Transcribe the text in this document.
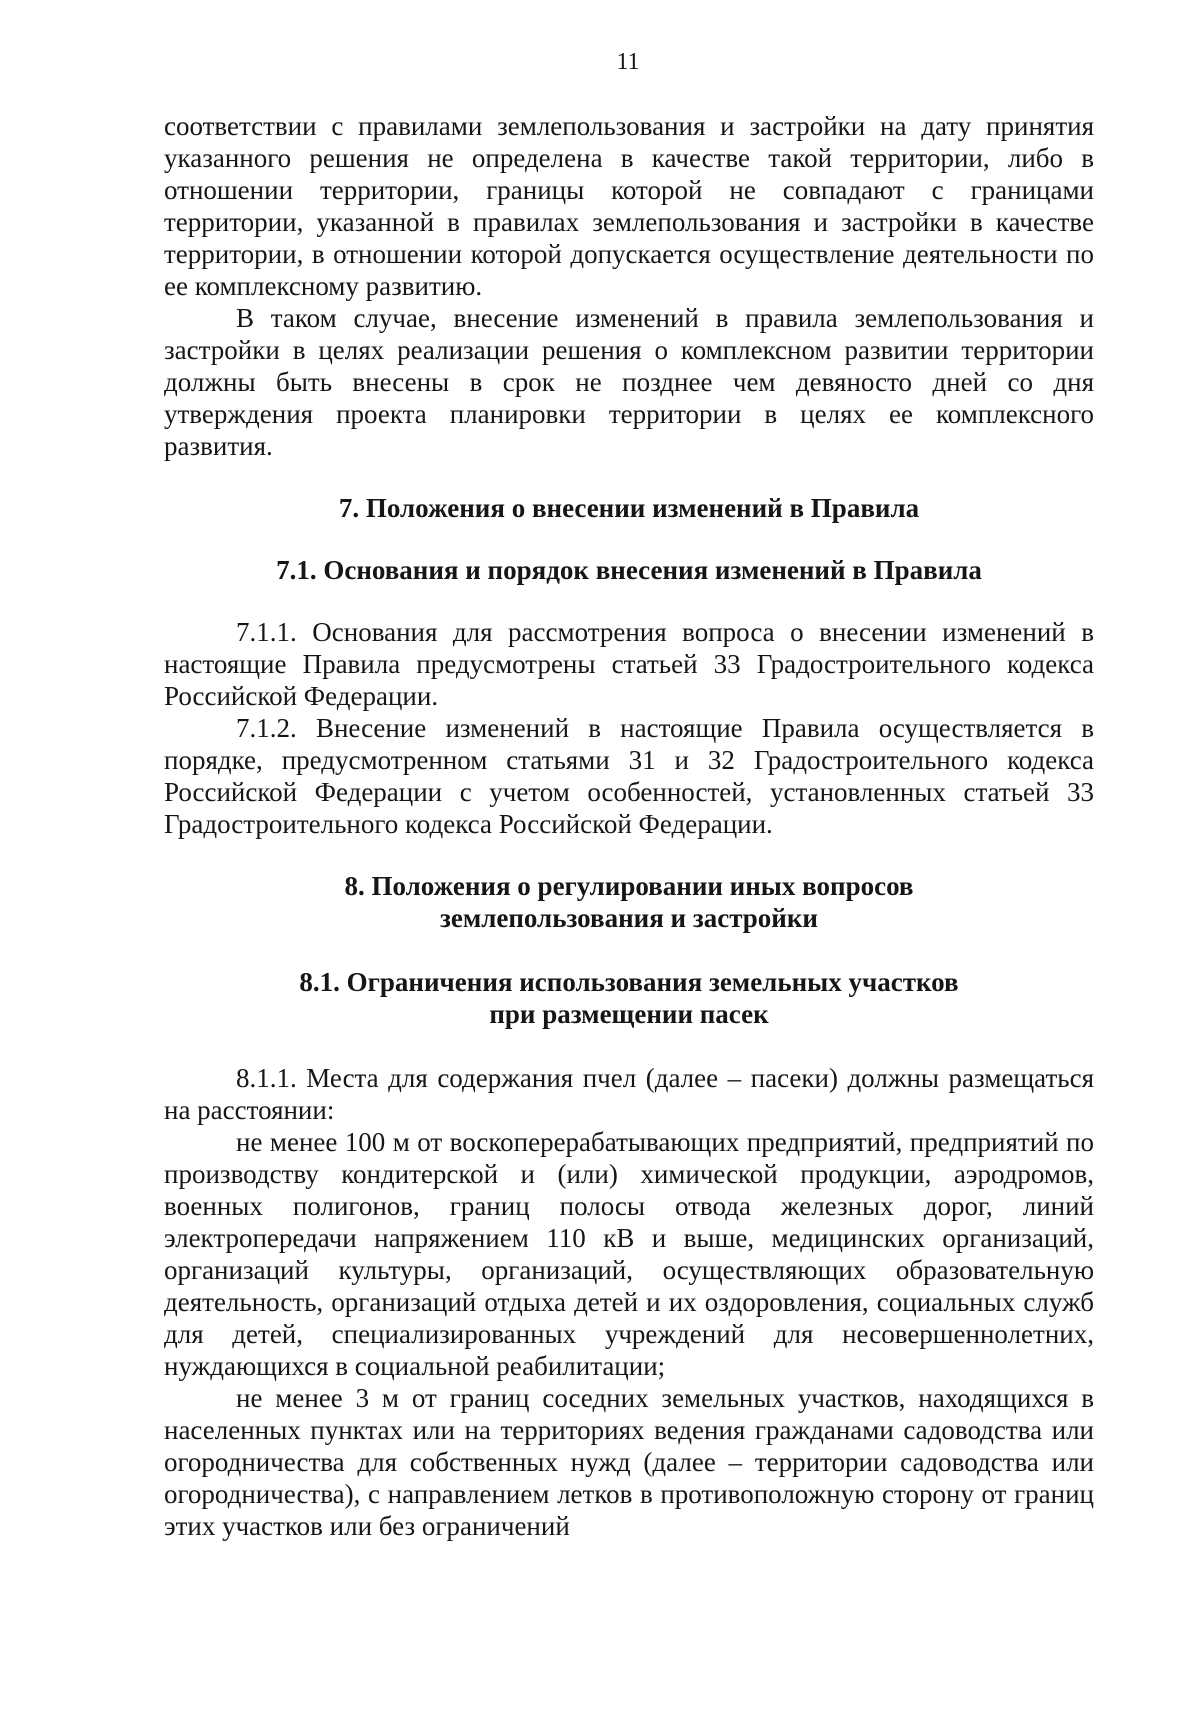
11

соответствии с правилами землепользования и застройки на дату принятия указанного решения не определена в качестве такой территории, либо в отношении территории, границы которой не совпадают с границами территории, указанной в правилах землепользования и застройки в качестве территории, в отношении которой допускается осуществление деятельности по ее комплексному развитию.

В таком случае, внесение изменений в правила землепользования и застройки в целях реализации решения о комплексном развитии территории должны быть внесены в срок не позднее чем девяносто дней со дня утверждения проекта планировки территории в целях ее комплексного развития.

7. Положения о внесении изменений в Правила
7.1. Основания и порядок внесения изменений в Правила

7.1.1. Основания для рассмотрения вопроса о внесении изменений в настоящие Правила предусмотрены статьей 33 Градостроительного кодекса Российской Федерации.

7.1.2. Внесение изменений в настоящие Правила осуществляется в порядке, предусмотренном статьями 31 и 32 Градостроительного кодекса Российской Федерации с учетом особенностей, установленных статьей 33 Градостроительного кодекса Российской Федерации.

8. Положения о регулировании иных вопросов
землепользования и застройки
8.1. Ограничения использования земельных участков
при размещении пасек

8.1.1. Места для содержания пчел (далее – пасеки) должны размещаться на расстоянии:

не менее 100 м от воскоперерабатывающих предприятий, предприятий по производству кондитерской и (или) химической продукции, аэродромов, военных полигонов, границ полосы отвода железных дорог, линий электропередачи напряжением 110 кВ и выше, медицинских организаций, организаций культуры, организаций, осуществляющих образовательную деятельность, организаций отдыха детей и их оздоровления, социальных служб для детей, специализированных учреждений для несовершеннолетних, нуждающихся в социальной реабилитации;

не менее 3 м от границ соседних земельных участков, находящихся в населенных пунктах или на территориях ведения гражданами садоводства или огородничества для собственных нужд (далее – территории садоводства или огородничества), с направлением летков в противоположную сторону от границ этих участков или без ограничений
